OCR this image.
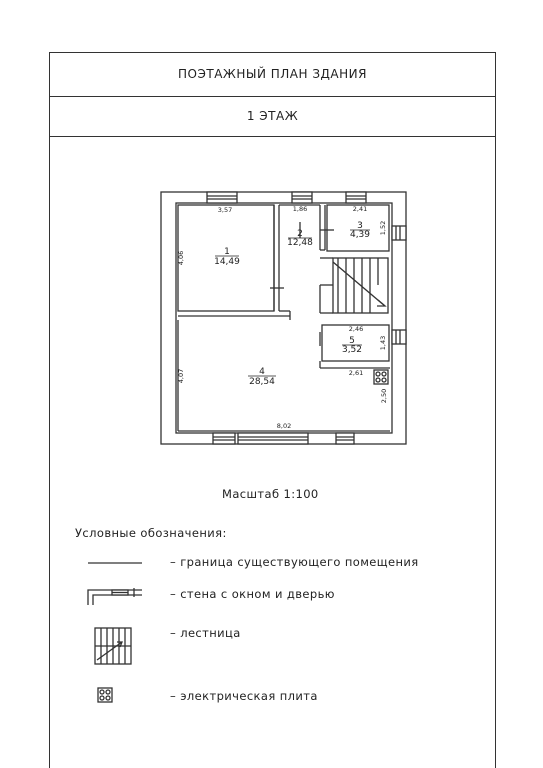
ПОЭТАЖНЫЙ ПЛАН ЗДАНИЯ
1 ЭТАЖ
1
14,49
2
12,48
3
4,39
4
28,54
5
3,52
3,57
4,06
1,86	2,41
1,52
2,46
1,43
2,61
2,50
4,07
8,02
Масштаб 1:100
Условные обозначения:
– граница существующего помещения
– стена с окном и дверью
– лестница
– электрическая плита
